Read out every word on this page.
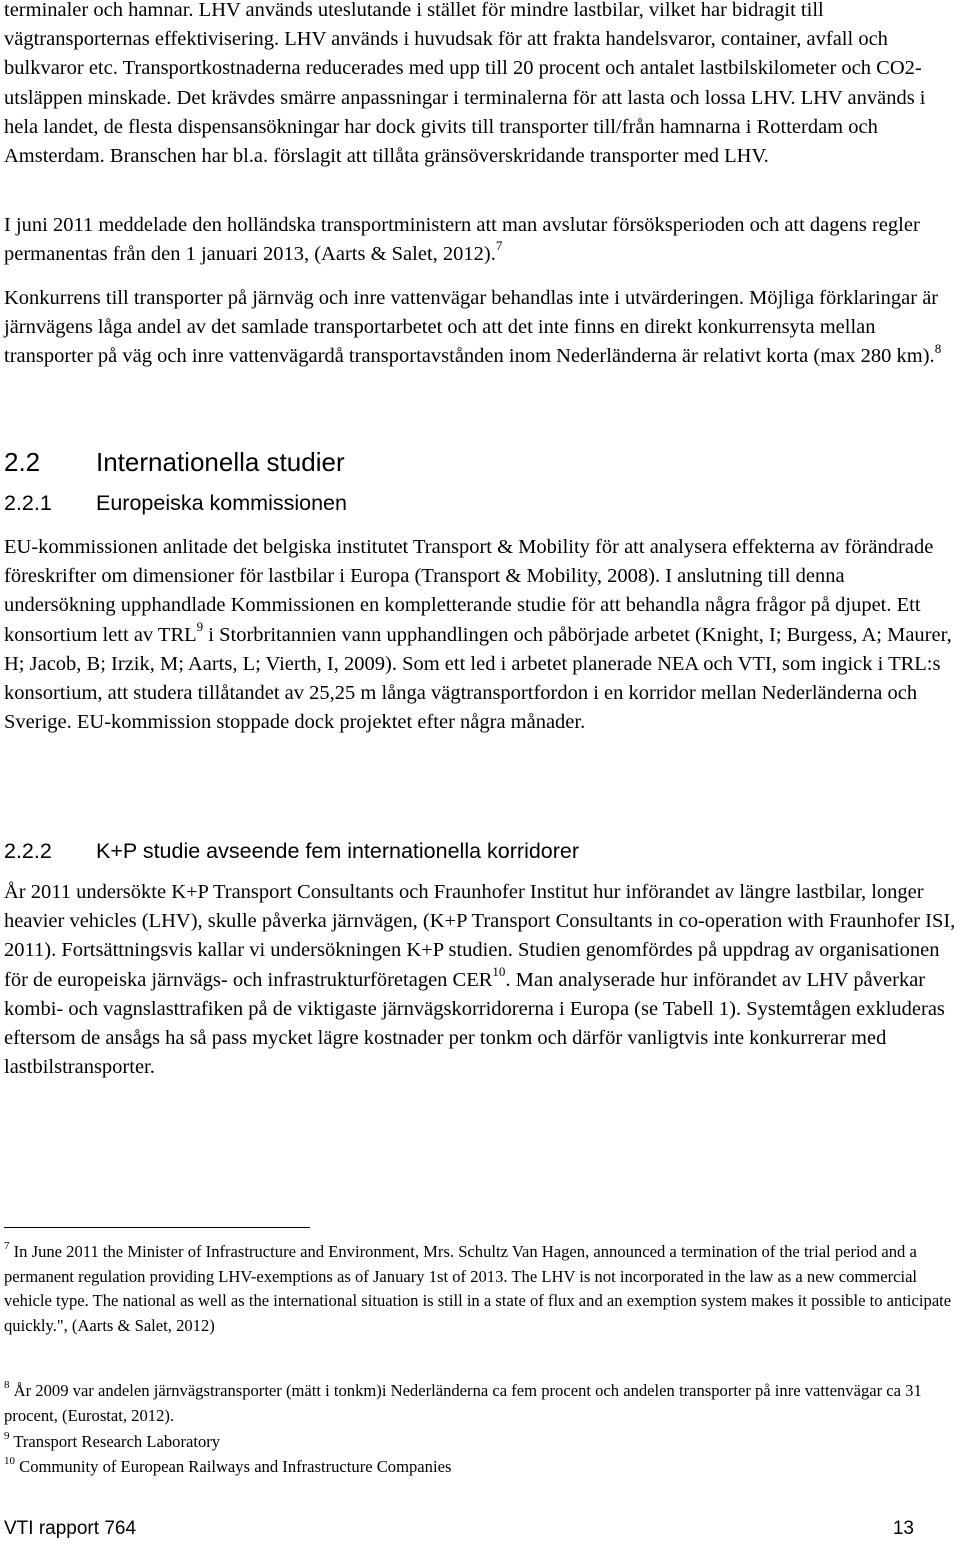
terminaler och hamnar. LHV används uteslutande i stället för mindre lastbilar, vilket har bidragit till vägtransporternas effektivisering. LHV används i huvudsak för att frakta handelsvaror, container, avfall och bulkvaror etc. Transportkostnaderna reducerades med upp till 20 procent och antalet lastbilskilometer och CO2-utsläppen minskade. Det krävdes smärre anpassningar i terminalerna för att lasta och lossa LHV. LHV används i hela landet, de flesta dispensansökningar har dock givits till transporter till/från hamnarna i Rotterdam och Amsterdam. Branschen har bl.a. förslagit att tillåta gränsöverskridande transporter med LHV.

I juni 2011 meddelade den holländska transportministern att man avslutar försöksperioden och att dagens regler permanentas från den 1 januari 2013, (Aarts & Salet, 2012).$^7$

Konkurrens till transporter på järnväg och inre vattenvägar behandlas inte i utvärderingen. Möjliga förklaringar är järnvägens låga andel av det samlade transportarbetet och att det inte finns en direkt konkurrensyta mellan transporter på väg och inre vattenvägardå transportavstånden inom Nederländerna är relativt korta (max 280 km).$^8$

2.2 Internationella studier
2.2.1 Europeiska kommissionen

EU-kommissionen anlitade det belgiska institutet Transport & Mobility för att analysera effekterna av förändrade föreskrifter om dimensioner för lastbilar i Europa (Transport & Mobility, 2008). I anslutning till denna undersökning upphandlade Kommissionen en kompletterande studie för att behandla några frågor på djupet. Ett konsortium lett av TRL$^9$ i Storbritannien vann upphandlingen och påbörjade arbetet (Knight, I; Burgess, A; Maurer, H; Jacob, B; Irzik, M; Aarts, L; Vierth, I, 2009). Som ett led i arbetet planerade NEA och VTI, som ingick i TRL:s konsortium, att studera tillåtandet av 25,25 m långa vägtransportfordon i en korridor mellan Nederländerna och Sverige. EU-kommission stoppade dock projektet efter några månader.

2.2.2 K+P studie avseende fem internationella korridorer

År 2011 undersökte K+P Transport Consultants och Fraunhofer Institut hur införandet av längre lastbilar, longer heavier vehicles (LHV), skulle påverka järnvägen, (K+P Transport Consultants in co-operation with Fraunhofer ISI, 2011). Fortsättningsvis kallar vi undersökningen K+P studien. Studien genomfördes på uppdrag av organisationen för de europeiska järnvägs- och infrastrukturföretagen CER$^{10}$. Man analyserade hur införandet av LHV påverkar kombi- och vagnslasttrafiken på de viktigaste järnvägskorridorerna i Europa (se Tabell 1). Systemtågen exkluderas eftersom de ansågs ha så pass mycket lägre kostnader per tonkm och därför vanligtvis inte konkurrerar med lastbilstransporter.

$^7$ In June 2011 the Minister of Infrastructure and Environment, Mrs. Schultz Van Hagen, announced a termination of the trial period and a permanent regulation providing LHV-exemptions as of January 1st of 2013. The LHV is not incorporated in the law as a new commercial vehicle type. The national as well as the international situation is still in a state of flux and an exemption system makes it possible to anticipate quickly.", (Aarts & Salet, 2012)

$^8$ År 2009 var andelen järnvägstransporter (mätt i tonkm)i Nederländerna ca fem procent och andelen transporter på inre vattenvägar ca 31 procent, (Eurostat, 2012).

$^9$ Transport Research Laboratory

$^{10}$ Community of European Railways and Infrastructure Companies

VTI rapport 764	13
